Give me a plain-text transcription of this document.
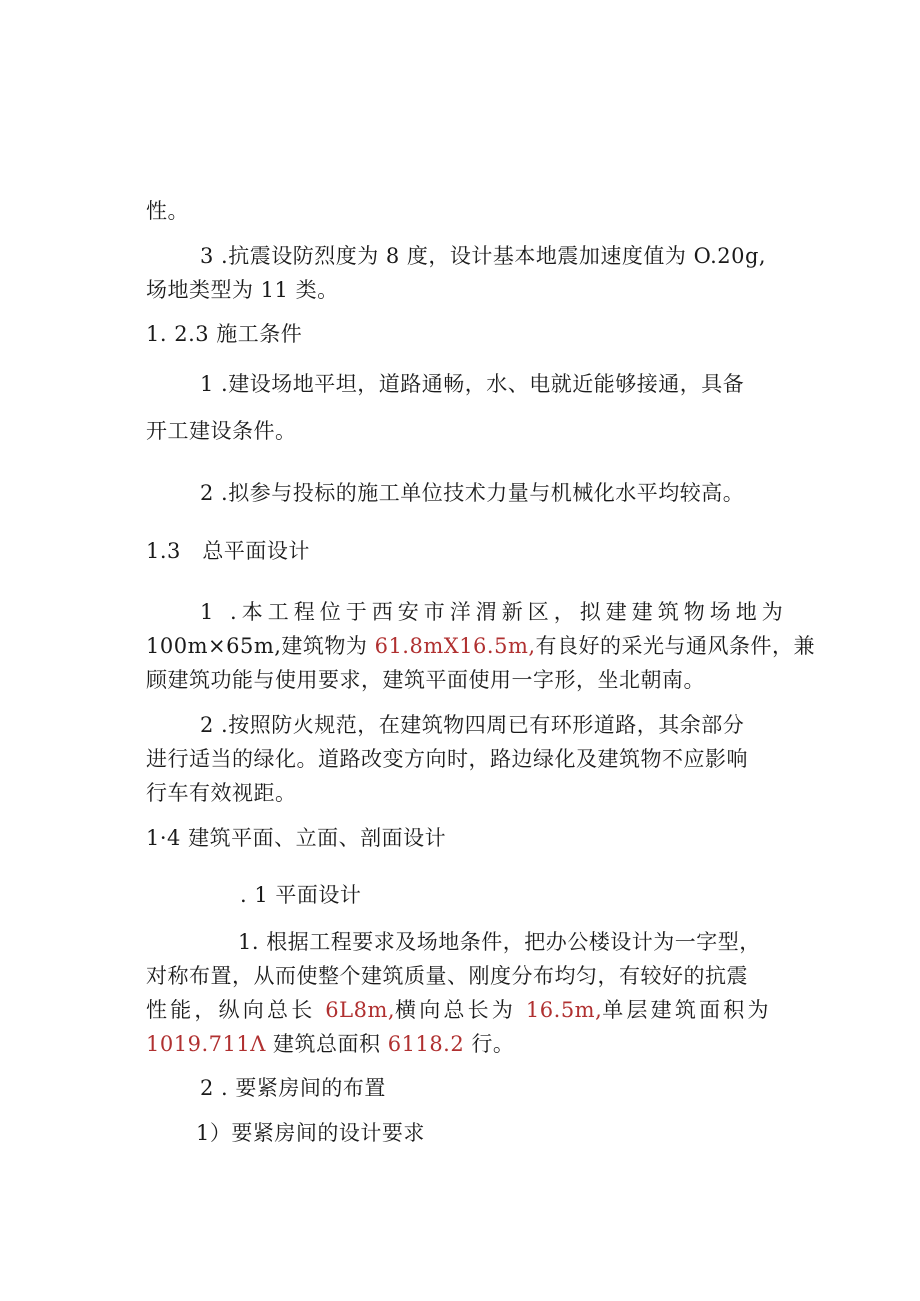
性。
3 .抗震设防烈度为 8 度，设计基本地震加速度值为 O.20g,
场地类型为 11 类。
1. 2.3 施工条件
1 .建设场地平坦，道路通畅，水、电就近能够接通，具备
开工建设条件。
2 .拟参与投标的施工单位技术力量与机械化水平均较高。
1.3　总平面设计
1 .本工程位于西安市洋渭新区，拟建建筑物场地为
100m×65m,建筑物为 61.8mX16.5m,有良好的采光与通风条件，兼
顾建筑功能与使用要求，建筑平面使用一字形，坐北朝南。
2 .按照防火规范，在建筑物四周已有环形道路，其余部分
进行适当的绿化。道路改变方向时，路边绿化及建筑物不应影响
行车有效视距。
1·4 建筑平面、立面、剖面设计
. 1 平面设计
1. 根据工程要求及场地条件，把办公楼设计为一字型，
对称布置，从而使整个建筑质量、刚度分布均匀，有较好的抗震
性能，纵向总长 6L8m,横向总长为 16.5m,单层建筑面积为
1019.711Λ 建筑总面积 6118.2 行。
2 . 要紧房间的布置
1）要紧房间的设计要求
